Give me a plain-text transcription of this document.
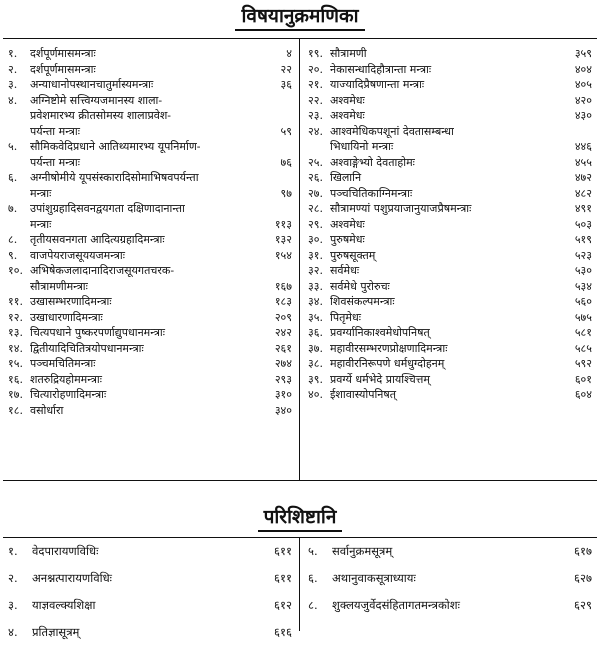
विषयानुक्रमणिका
१.	दर्शपूर्णमासमन्त्राः	४
२.	दर्शपूर्णमासमन्त्राः	२२
३.	अन्याधानोपस्थानचातुर्मास्यमन्त्राः	३६
४.	अग्निष्टोमे सत्त्विग्यजमानस्य शाला-
प्रवेशमारभ्य क्रीतसोमस्य शालाप्रवेश-
पर्यन्ता मन्त्राः	५९
५.	सौमिकवेदिप्रधाने आतिथ्यमारभ्य यूपनिर्माण-
पर्यन्ता मन्त्राः	७६
६.	अग्नीषोमीये यूपसंस्कारादिसोमाभिषवपर्यन्ता
मन्त्राः	९७
७.	उपांशुग्रहादिसवनद्वयगता दक्षिणादानान्ता
मन्त्राः	११३
८.	तृतीयसवनगता आदित्यग्रहादिमन्त्राः	१३२
९.	वाजपेयराजसूययजमन्त्राः	१५४
१०. अभिषेकजलादानादिराजसूयगतचरक-
सौत्रामणीमन्त्राः	१६७
११. उखासम्भरणादिमन्त्राः	१८३
१२. उखाधारणादिमन्त्राः	२०९
१३. चित्यपधाने पुष्करपर्णाद्युपधानमन्त्राः	२४२
१४. द्वितीयादिचितित्रयोपधानमन्त्राः	२६१
१५. पञ्चमचितिमन्त्राः	२७४
१६. शतरुद्रियहोममन्त्राः	२९३
१७. चित्यारोहणादिमन्त्राः	३१०
१८. वसोर्धारा	३४०
१९. सौत्रामणी	३५९
२०. नेकासन्धादिहौत्रान्ता मन्त्राः	४०४
२१. याज्यादिप्रैषणान्ता मन्त्राः	४०५
२२. अश्वमेधः	४२०
२३. अश्वमेधः	४३०
२४. आश्वमेधिकपशूनां देवतासम्बन्धा
भिधायिनो मन्त्राः	४४६
२५. अश्वाङ्गेभ्यो देवताहोमः	४५५
२६. खिलानि	४७२
२७. पञ्चचितिकाग्निमन्त्राः	४८२
२८. सौत्रामण्यां पशुप्रयाजानुयाजप्रैषमन्त्राः	४९१
२९. अश्वमेधः	५०३
३०. पुरुषमेधः	५१९
३१. पुरुषसूक्तम्	५२३
३२. सर्वमेधः	५३०
३३. सर्वमेधे पुरोरुचः	५३४
३४. शिवसंकल्पमन्त्राः	५६०
३५. पितृमेधः	५७५
३६. प्रवर्ग्यानिकाश्वमेधोपनिषत्	५८१
३७. महावीरसम्भरणप्रोक्षणादिमन्त्राः	५८५
३८. महावीरनिरूपणे धर्मधुग्दोहनम्	५९२
३९. प्रवर्ग्ये धर्मभेदे प्रायश्चित्तम्	६०१
४०. ईशावास्योपनिषत्	६०४
परिशिष्टानि
१.	वेदपारायणविधिः	६११
२.	अनश्नत्पारायणविधिः	६११
३.	याज्ञवल्क्यशिक्षा	६१२
४.	प्रतिज्ञासूत्रम्	६१६
५.	सर्वानुक्रमसूत्रम्	६१७
६.	अथानुवाकसूत्राध्यायः	६२७
८.	शुक्लयजुर्वेदसंहितागतमन्त्रकोशः	६२९
